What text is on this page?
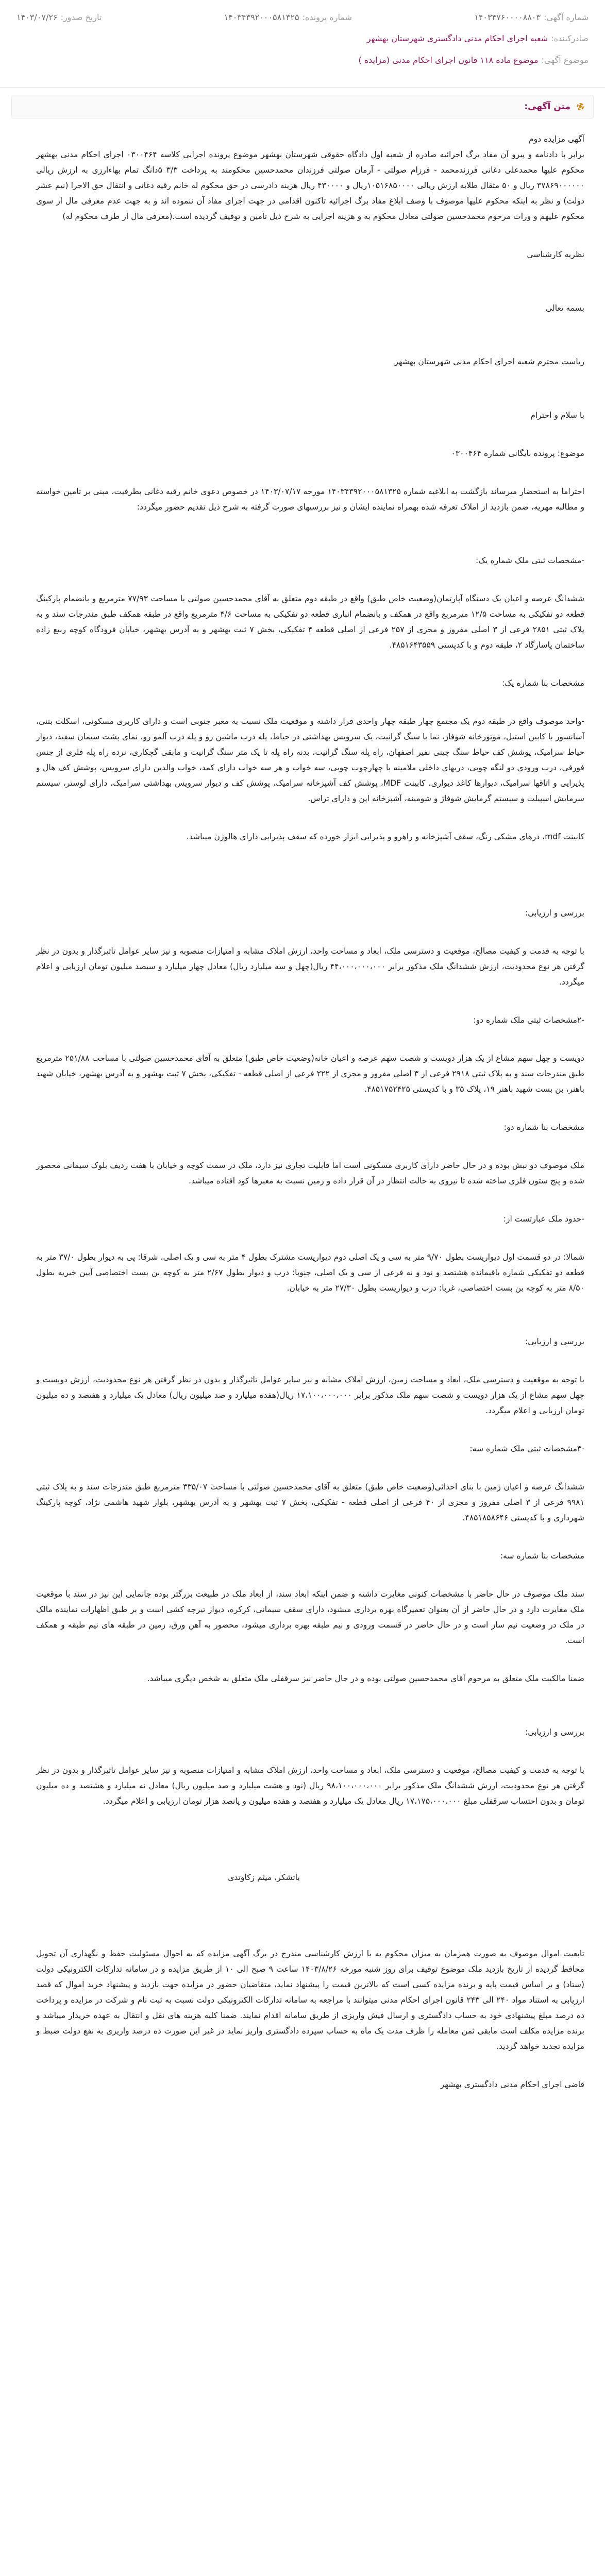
شماره آگهی:
۱۴۰۳۴۷۶۰۰۰۰۸۸۰۳
شماره پرونده:
۱۴۰۳۴۳۹۲۰۰۰۵۸۱۳۲۵
تاریخ صدور:
۱۴۰۳/۰۷/۲۶
صادرکننده:
شعبه اجرای احکام مدنی دادگستری شهرستان بهشهر
موضوع آگهی:
موضوع ماده ۱۱۸ قانون اجرای احکام مدنی (مزایده )
متن آگهی:

آگهی مزایده دوم

برابر با دادنامه و پیرو آن مفاد برگ اجرائیه صادره از شعبه اول دادگاه حقوقی شهرستان بهشهر موضوع پرونده اجرایی کلاسه ۰۳۰۰۴۶۴ اجرای احکام مدنی بهشهر محکوم علیها محمدعلی دغانی فرزندمحمد - فرزام صولتی - آرمان صولتی فرزندان محمدحسین محکومند به پرداخت ۳/۳ ۵دانگ تمام بهاءارزی به ارزش ریالی ۳۷۸۶۹۰۰۰۰۰۰ ریال و ۵۰ مثقال طلابه ارزش ریالی ۱۰۵۱۶۸۵۰۰۰۰ریال و ۴۳۰۰۰۰ ریال هزینه دادرسی در حق محکوم له خانم رقیه دغانی و انتقال حق الاجرا (نیم عشر دولت) و نظر به اینکه محکوم علیها موصوف با وصف ابلاغ مفاد برگ اجرائیه تاکنون اقدامی در جهت اجرای مفاد آن ننموده اند و به جهت عدم معرفی مال از سوی محکوم علیهم و وراث مرحوم محمدحسین صولتی معادل محکوم به و هزینه اجرایی به شرح ذیل تأمین و توقیف گردیده است.(معرفی مال از طرف محکوم له)

نظریه کارشناسی

بسمه تعالی

ریاست محترم شعبه اجرای احکام مدنی شهرستان بهشهر

با سلام و احترام

موضوع: پرونده بایگانی شماره ۰۳۰۰۴۶۴

احتراما به استحضار میرساند بازگشت به ابلاغیه شماره ۱۴۰۳۴۳۹۲۰۰۰۵۸۱۳۲۵ مورخه ۱۴۰۳/۰۷/۱۷ در خصوص دعوی خانم رقیه دغانی بطرفیت، مبنی بر تامین خواسته و مطالبه مهریه، ضمن بازدید از املاک تعرفه شده بهمراه نماینده ایشان و نیز بررسیهای صورت گرفته به شرح ذیل تقدیم حضور میگردد:

-مشخصات ثبتی ملک شماره یک:

ششدانگ عرصه و اعیان یک دستگاه آپارتمان(وضعیت خاص طبق) واقع در طبقه دوم متعلق به آقای محمدحسین صولتی با مساحت ۷۷/۹۳ مترمربع و بانضمام پارکینگ قطعه دو تفکیکی به مساحت ۱۲/۵ مترمربع واقع در همکف و بانضمام انباری قطعه دو تفکیکی به مساحت ۴/۶ مترمربع واقع در طبقه همکف طبق مندرجات سند و به پلاک ثبتی ۲۸۵۱ فرعی از ۳ اصلی مفروز و مجزی از ۲۵۷ فرعی از اصلی قطعه ۴ تفکیکی، بخش ۷ ثبت بهشهر و به آدرس بهشهر، خیابان فرودگاه کوچه ربیع زاده ساختمان پاسارگاد ۲، طبقه دوم و با کدپستی ۴۸۵۱۶۴۳۵۵۹.

مشخصات بنا شماره یک:

-واحد موصوف واقع در طبقه دوم یک مجتمع چهار طبقه چهار واحدی قرار داشته و موقعیت ملک نسبت به معبر جنوبی است و دارای کاربری مسکونی، اسکلت بتنی، آسانسور با کابین استیل، موتورخانه شوفاژ، نما با سنگ گرانیت، یک سرویس بهداشتی در حیاط، پله درب ماشین رو و پله درب آلمو رو، نمای پشت سیمان سفید، دیوار حیاط سرامیک، پوشش کف حیاط سنگ چینی نفیر اصفهان، راه پله سنگ گرانیت، بدنه راه پله تا یک متر سنگ گرانیت و مابقی گچکاری، نرده راه پله فلزی از جنس فورفی، درب ورودی دو لنگه چوبی، دربهای داخلی ملامینه با چهارچوب چوبی، سه خواب و هر سه خواب دارای کمد، خواب والدین دارای سرویس، پوشش کف هال و پذیرایی و اتاقها سرامیک، دیوارها کاغذ دیواری، کابینت MDF، پوشش کف آشپزخانه سرامیک، پوشش کف و دیوار سرویس بهداشتی سرامیک، دارای لوستر، سیستم سرمایش اسپیلت و سیستم گرمایش شوفاژ و شومینه، آشپزخانه اپن و دارای تراس.

کابینت mdf، درهای مشکی رنگ، سقف آشپزخانه و راهرو و پذیرایی ابزار خورده که سقف پذیرایی دارای هالوژن میباشد.

بررسی و ارزیابی:

با توجه به قدمت و کیفیت مصالح، موقعیت و دسترسی ملک، ابعاد و مساحت واحد، ارزش املاک مشابه و امتیازات منصوبه و نیز سایر عوامل تاثیرگذار و بدون در نظر گرفتن هر نوع محدودیت، ارزش ششدانگ ملک مذکور برابر ۴۴،۰۰۰،۰۰۰،۰۰۰ ریال(چهل و سه میلیارد ریال) معادل چهار میلیارد و سیصد میلیون تومان ارزیابی و اعلام میگردد.

-۲مشخصات ثبتی ملک شماره دو:

دویست و چهل سهم مشاع از یک هزار دویست و شصت سهم عرصه و اعیان خانه(وضعیت خاص طبق) متعلق به آقای محمدحسین صولتی با مساحت ۲۵۱/۸۸ مترمربع طبق مندرجات سند و به پلاک ثبتی ۲۹۱۸ فرعی از ۳ اصلی مفروز و مجزی از ۲۲۲ فرعی از اصلی قطعه - تفکیکی، بخش ۷ ثبت بهشهر و به آدرس بهشهر، خیابان شهید باهنر، بن بست شهید باهنر ۱۹، پلاک ۳۵ و با کدپستی ۴۸۵۱۷۵۲۴۲۵.

مشخصات بنا شماره دو:

ملک موصوف دو نبش بوده و در حال حاضر دارای کاربری مسکونی است اما قابلیت تجاری نیز دارد، ملک در سمت کوچه و خیابان با هفت ردیف بلوک سیمانی محصور شده و پنج ستون فلزی ساخته شده تا نیروی به حالت انتظار در آن قرار داده و زمین نسبت به معبرها کود افتاده میباشد.

-حدود ملک عبارتست از:

شمالا: در دو قسمت اول دیواریست بطول ۹/۷۰ متر به سی و یک اصلی دوم دیواریست مشترک بطول ۴ متر به سی و یک اصلی، شرقا: پی به دیوار بطول ۳۷/۰ متر به قطعه دو تفکیکی شماره باقیمانده هشتصد و نود و نه فرعی از سی و یک اصلی، جنوبا: درب و دیوار بطول ۲/۶۷ متر به کوچه بن بست اختصاصی آیین خیریه بطول ۸/۵۰ متر به کوچه بن بست اختصاصی، غربا: درب و دیواریست بطول ۲۷/۳۰ متر به خیابان.

بررسی و ارزیابی:

با توجه به موقعیت و دسترسی ملک، ابعاد و مساحت زمین، ارزش املاک مشابه و نیز سایر عوامل تاثیرگذار و بدون در نظر گرفتن هر نوع محدودیت، ارزش دویست و چهل سهم مشاع از یک هزار دویست و شصت سهم ملک مذکور برابر ۱۷،۱۰۰،۰۰۰،۰۰۰ ریال(هفده میلیارد و صد میلیون ریال) معادل یک میلیارد و هفتصد و ده میلیون تومان ارزیابی و اعلام میگردد.

-۳مشخصات ثبتی ملک شماره سه:

ششدانگ عرصه و اعیان زمین با بنای احداثی(وضعیت خاص طبق) متعلق به آقای محمدحسین صولتی با مساحت ۳۳۵/۰۷ مترمربع طبق مندرجات سند و به پلاک ثبتی ۹۹۸۱ فرعی از ۳ اصلی مفروز و مجزی از ۴۰ فرعی از اصلی قطعه - تفکیکی، بخش ۷ ثبت بهشهر و به آدرس بهشهر، بلوار شهید هاشمی نژاد، کوچه پارکینگ شهرداری و با کدپستی ۴۸۵۱۸۵۸۶۴۶.

مشخصات بنا شماره سه:

سند ملک موصوف در حال حاضر با مشخصات کنونی مغایرت داشته و ضمن اینکه ابعاد سند، از ابعاد ملک در طبیعت بزرگتر بوده جانمایی این نیز در سند با موقعیت ملک مغایرت دارد و در حال حاضر از آن بعنوان تعمیرگاه بهره برداری میشود، دارای سقف سیمانی، کرکره، دیوار تیرچه کشی است و بر طبق اظهارات نماینده مالک در ملک در وضعیت نیم ساز است و در حال حاضر در قسمت ورودی و نیم طبقه بهره برداری میشود، محصور به آهن ورق، زمین در طبقه های نیم طبقه و همکف است.

ضمنا مالکیت ملک متعلق به مرحوم آقای محمدحسین صولتی بوده و در حال حاضر نیز سرقفلی ملک متعلق به شخص دیگری میباشد.

بررسی و ارزیابی:

با توجه به قدمت و کیفیت مصالح، موقعیت و دسترسی ملک، ابعاد و مساحت واحد، ارزش املاک مشابه و امتیازات منصوبه و نیز سایر عوامل تاثیرگذار و بدون در نظر گرفتن هر نوع محدودیت، ارزش ششدانگ ملک مذکور برابر ۹۸،۱۰۰،۰۰۰،۰۰۰ ریال (نود و هشت میلیارد و صد میلیون ریال) معادل نه میلیارد و هشتصد و ده میلیون تومان و بدون احتساب سرقفلی مبلغ ۱۷،۱۷۵،۰۰۰،۰۰۰ ریال معادل یک میلیارد و هفتصد و هفده میلیون و پانصد هزار تومان ارزیابی و اعلام میگردد.

باتشکر، میثم زکاوتدی

تابعیت اموال موصوف به صورت همزمان به میزان محکوم به با ارزش کارشناسی مندرج در برگ آگهی مزایده که به احوال مسئولیت حفظ و نگهداری آن تحویل محافظ گردیده از تاریخ بازدید ملک موضوع توقیف برای روز شنبه مورخه ۱۴۰۳/۸/۲۶ ساعت ۹ صبح الی ۱۰ از طریق مزایده و در سامانه تدارکات الکترونیکی دولت (ستاد) و بر اساس قیمت پایه و برنده مزایده کسی است که بالاترین قیمت را پیشنهاد نماید، متقاضیان حضور در مزایده جهت بازدید و پیشنهاد خرید اموال که قصد ارزیابی به استناد مواد ۲۴۰ الی ۲۴۳ قانون اجرای احکام مدنی میتوانند با مراجعه به سامانه تدارکات الکترونیکی دولت نسبت به ثبت نام و شرکت در مزایده و پرداخت ده درصد مبلغ پیشنهادی خود به حساب دادگستری و ارسال فیش واریزی از طریق سامانه اقدام نمایند. ضمنا کلیه هزینه های نقل و انتقال به عهده خریدار میباشد و برنده مزایده مکلف است مابقی ثمن معامله را ظرف مدت یک ماه به حساب سپرده دادگستری واریز نماید در غیر این صورت ده درصد واریزی به نفع دولت ضبط و مزایده تجدید خواهد گردید.

قاضی اجرای احکام مدنی دادگستری بهشهر
